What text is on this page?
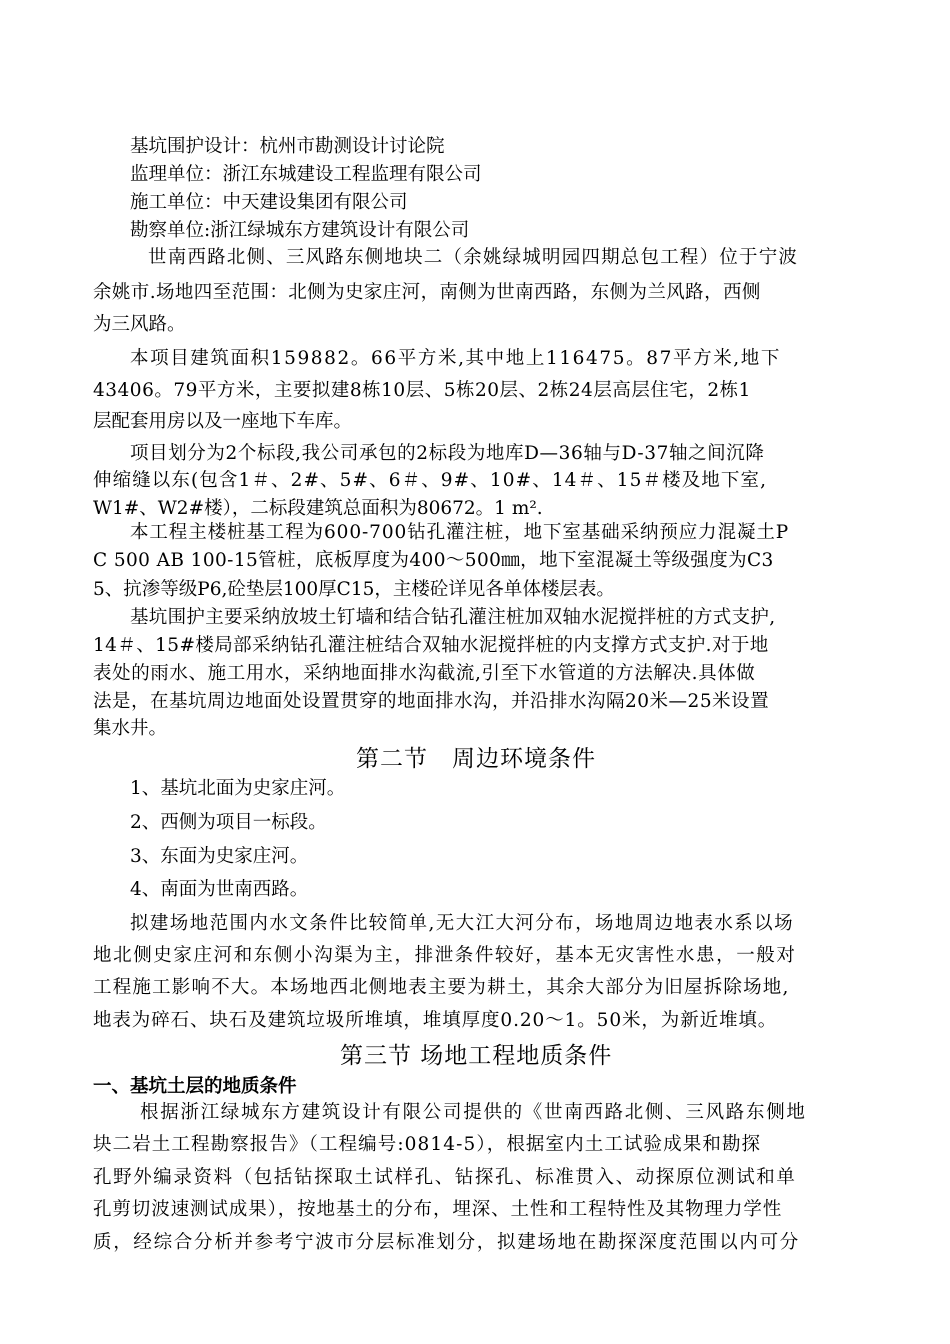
基坑围护设计：杭州市勘测设计讨论院
监理单位：浙江东城建设工程监理有限公司
施工单位：中天建设集团有限公司
勘察单位:浙江绿城东方建筑设计有限公司
世南西路北侧、三风路东侧地块二（余姚绿城明园四期总包工程）位于宁波
余姚市.场地四至范围：北侧为史家庄河，南侧为世南西路，东侧为兰风路，西侧
为三风路。
本项目建筑面积159882。66平方米,其中地上116475。87平方米,地下
43406。79平方米，主要拟建8栋10层、5栋20层、2栋24层高层住宅，2栋1
层配套用房以及一座地下车库。
项目划分为2个标段,我公司承包的2标段为地库D—36轴与D-37轴之间沉降
伸缩缝以东(包含1＃、2#、5#、6＃、9#、10#、14＃、15＃楼及地下室,
W1#、W2#楼），二标段建筑总面积为80672。1 m².
本工程主楼桩基工程为600-700钻孔灌注桩，地下室基础采纳预应力混凝土P
C 500 AB 100-15管桩，底板厚度为400～500㎜，地下室混凝土等级强度为C3
5、抗渗等级P6,砼垫层100厚C15，主楼砼详见各单体楼层表。
基坑围护主要采纳放坡土钉墙和结合钻孔灌注桩加双轴水泥搅拌桩的方式支护,
14＃、15#楼局部采纳钻孔灌注桩结合双轴水泥搅拌桩的内支撑方式支护.对于地
表处的雨水、施工用水，采纳地面排水沟截流,引至下水管道的方法解决.具体做
法是，在基坑周边地面处设置贯穿的地面排水沟，并沿排水沟隔20米—25米设置
集水井。
第二节　周边环境条件
1、基坑北面为史家庄河。
2、西侧为项目一标段。
3、东面为史家庄河。
4、南面为世南西路。
拟建场地范围内水文条件比较简单,无大江大河分布，场地周边地表水系以场
地北侧史家庄河和东侧小沟渠为主，排泄条件较好，基本无灾害性水患，一般对
工程施工影响不大。本场地西北侧地表主要为耕土，其余大部分为旧屋拆除场地,
地表为碎石、块石及建筑垃圾所堆填，堆填厚度0.20～1。50米，为新近堆填。
第三节 场地工程地质条件
一、基坑土层的地质条件
根据浙江绿城东方建筑设计有限公司提供的《世南西路北侧、三风路东侧地
块二岩土工程勘察报告》（工程编号:0814-5），根据室内土工试验成果和勘探
孔野外编录资料（包括钻探取土试样孔、钻探孔、标准贯入、动探原位测试和单
孔剪切波速测试成果），按地基土的分布，埋深、土性和工程特性及其物理力学性
质，经综合分析并参考宁波市分层标准划分，拟建场地在勘探深度范围以内可分
